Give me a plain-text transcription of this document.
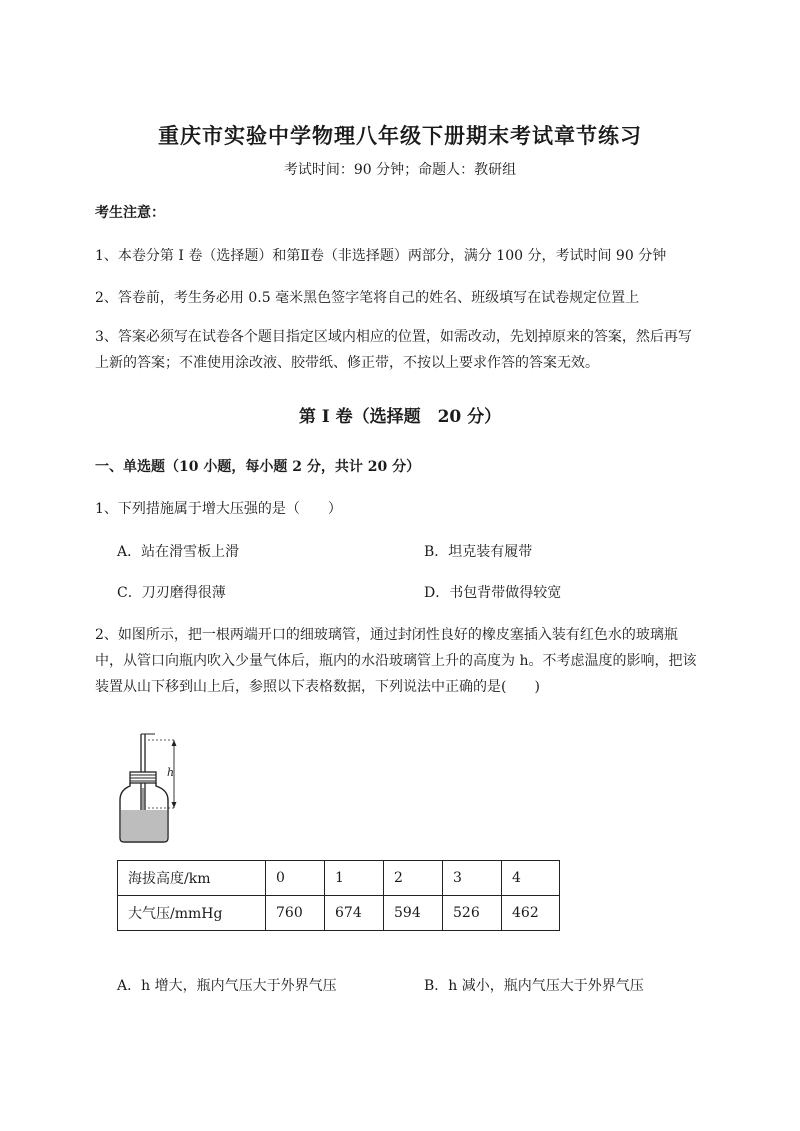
重庆市实验中学物理八年级下册期末考试章节练习
考试时间：90 分钟；命题人：教研组
考生注意：
1、本卷分第 I 卷（选择题）和第Ⅱ卷（非选择题）两部分，满分 100 分，考试时间 90 分钟
2、答卷前，考生务必用 0.5 毫米黑色签字笔将自己的姓名、班级填写在试卷规定位置上
3、答案必须写在试卷各个题目指定区域内相应的位置，如需改动，先划掉原来的答案，然后再写上新的答案；不准使用涂改液、胶带纸、修正带，不按以上要求作答的答案无效。
第 I 卷（选择题　20 分）
一、单选题（10 小题，每小题 2 分，共计 20 分）
1、下列措施属于增大压强的是（　　）
A．站在滑雪板上滑	B．坦克装有履带
C．刀刃磨得很薄	D．书包背带做得较宽
2、如图所示，把一根两端开口的细玻璃管，通过封闭性良好的橡皮塞插入装有红色水的玻璃瓶中，从管口向瓶内吹入少量气体后，瓶内的水沿玻璃管上升的高度为 h。不考虑温度的影响，把该装置从山下移到山上后，参照以下表格数据，下列说法中正确的是(　　)
h
海拔高度/km	0	1	2	3	4
大气压/mmHg	760	674	594	526	462
A．h 增大，瓶内气压大于外界气压	B．h 减小，瓶内气压大于外界气压
